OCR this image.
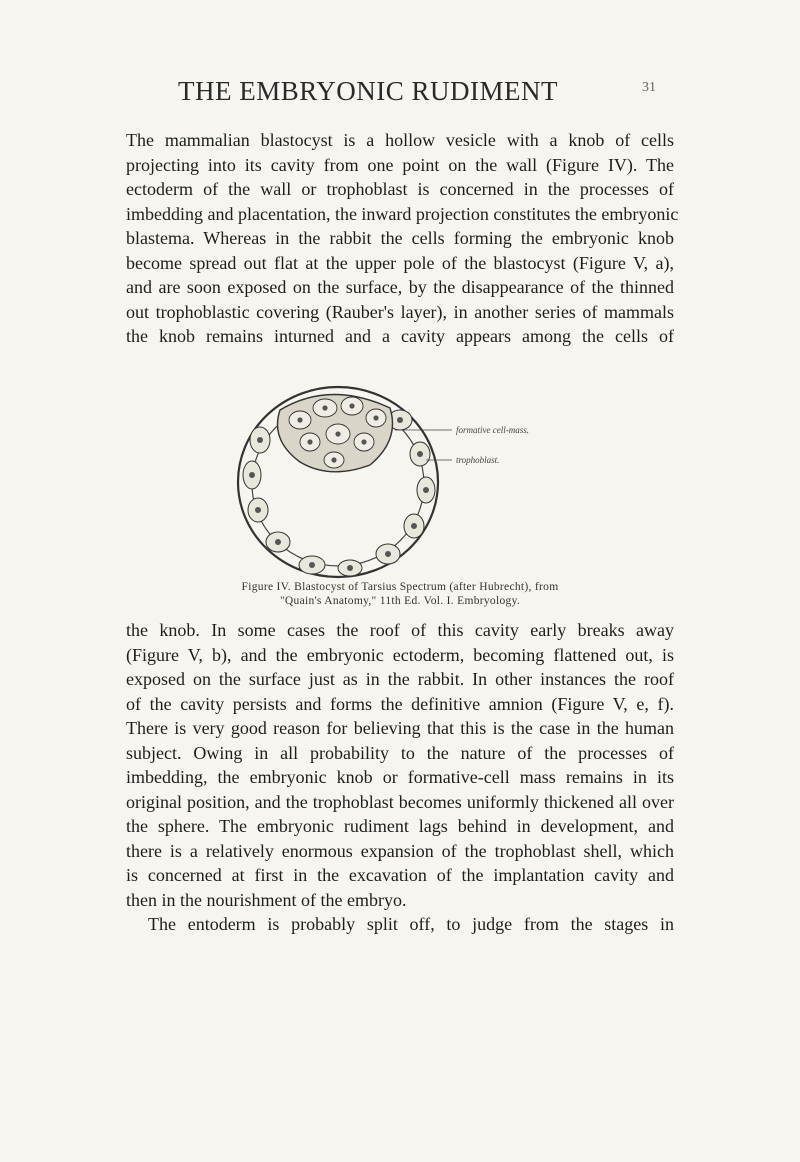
THE EMBRYONIC RUDIMENT	31

The mammalian blastocyst is a hollow vesicle with a knob of cells
projecting into its cavity from one point on the wall (Figure IV). The
ectoderm of the wall or trophoblast is concerned in the processes of
imbedding and placentation, the inward projection constitutes the embryonic
blastema. Whereas in the rabbit the cells forming the embryonic knob
become spread out flat at the upper pole of the blastocyst (Figure V, a),
and are soon exposed on the surface, by the disappearance of the thinned
out trophoblastic covering (Rauber's layer), in another series of mammals
the knob remains inturned and a cavity appears among the cells of

formative cell-mass.
trophoblast.
Figure IV. Blastocyst of Tarsius Spectrum (after Hubrecht), from
"Quain's Anatomy," 11th Ed. Vol. I. Embryology.

the knob. In some cases the roof of this cavity early breaks away
(Figure V, b), and the embryonic ectoderm, becoming flattened out, is
exposed on the surface just as in the rabbit. In other instances the roof
of the cavity persists and forms the definitive amnion (Figure V, e, f).
There is very good reason for believing that this is the case in the human
subject. Owing in all probability to the nature of the processes of
imbedding, the embryonic knob or formative-cell mass remains in its
original position, and the trophoblast becomes uniformly thickened all over
the sphere. The embryonic rudiment lags behind in development, and
there is a relatively enormous expansion of the trophoblast shell, which
is concerned at first in the excavation of the implantation cavity and
then in the nourishment of the embryo.
The entoderm is probably split off, to judge from the stages in
